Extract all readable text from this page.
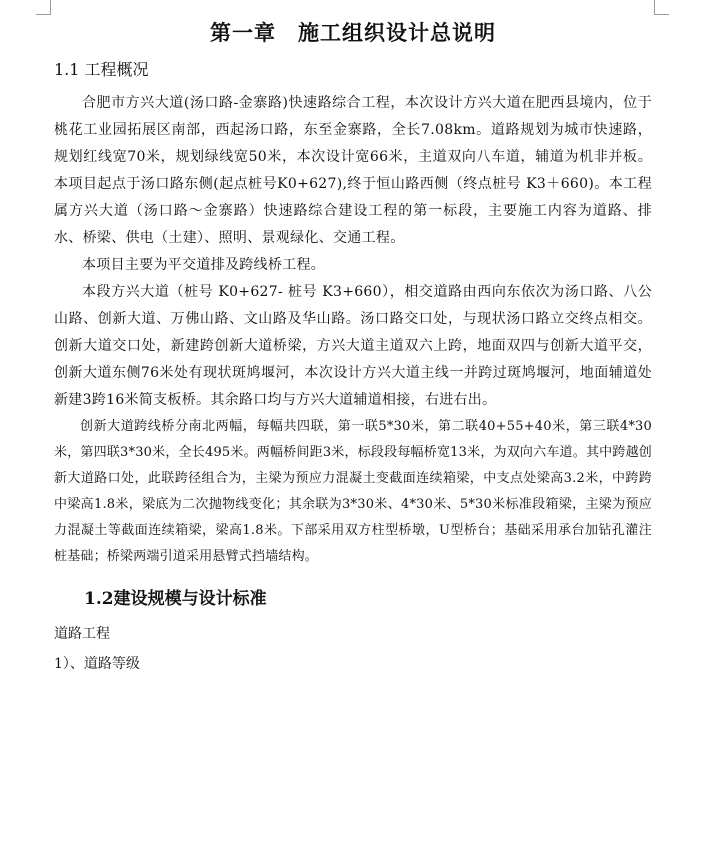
第一章　施工组织设计总说明
1.1 工程概况

合肥市方兴大道(汤口路-金寨路)快速路综合工程，本次设计方兴大道在肥西县境内，位于桃花工业园拓展区南部，西起汤口路，东至金寨路，全长7.08km。道路规划为城市快速路，规划红线宽70米，规划绿线宽50米，本次设计宽66米，主道双向八车道，辅道为机非并板。本项目起点于汤口路东侧(起点桩号K0+627),终于恒山路西侧（终点桩号 K3＋660)。本工程属方兴大道（汤口路～金寨路）快速路综合建设工程的第一标段，主要施工内容为道路、排水、桥梁、供电（土建）、照明、景观绿化、交通工程。

本项目主要为平交道排及跨线桥工程。

本段方兴大道（桩号 K0+627- 桩号 K3+660），相交道路由西向东依次为汤口路、八公山路、创新大道、万佛山路、文山路及华山路。汤口路交口处，与现状汤口路立交终点相交。创新大道交口处，新建跨创新大道桥梁，方兴大道主道双六上跨，地面双四与创新大道平交，创新大道东侧76米处有现状斑鸠堰河，本次设计方兴大道主线一并跨过斑鸠堰河，地面辅道处新建3跨16米简支板桥。其余路口均与方兴大道辅道相接，右进右出。

创新大道跨线桥分南北两幅，每幅共四联，第一联5*30米，第二联40+55+40米，第三联4*30米，第四联3*30米，全长495米。两幅桥间距3米，标段段每幅桥宽13米，为双向六车道。其中跨越创新大道路口处，此联跨径组合为，主梁为预应力混凝土变截面连续箱梁，中支点处梁高3.2米，中跨跨中梁高1.8米，梁底为二次抛物线变化；其余联为3*30米、4*30米、5*30米标准段箱梁，主梁为预应力混凝土等截面连续箱梁，梁高1.8米。下部采用双方柱型桥墩，U型桥台；基础采用承台加钻孔灌注桩基础；桥梁两端引道采用悬臂式挡墙结构。

1.2建设规模与设计标准
道路工程
1）、道路等级
